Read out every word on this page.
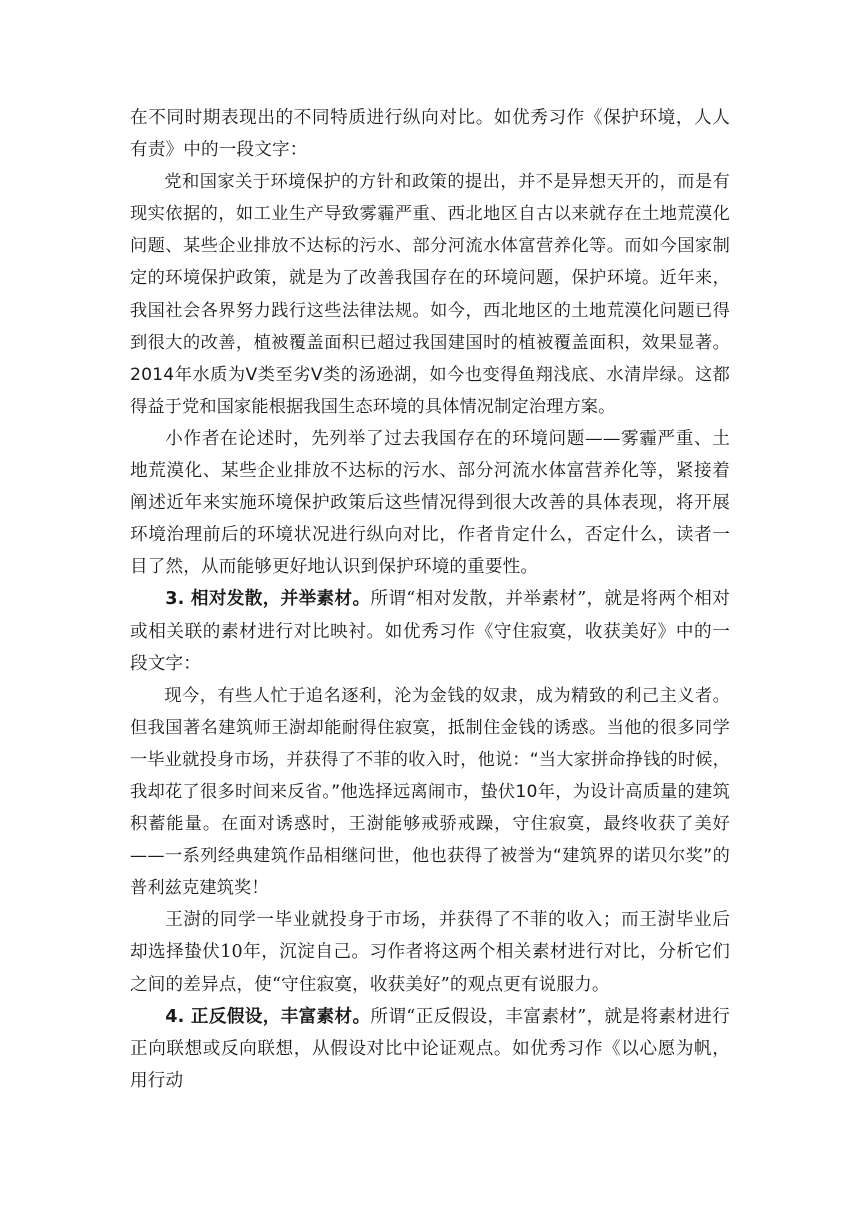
在不同时期表现出的不同特质进行纵向对比。如优秀习作《保护环境，人人有责》中的一段文字：

党和国家关于环境保护的方针和政策的提出，并不是异想天开的，而是有现实依据的，如工业生产导致雾霾严重、西北地区自古以来就存在土地荒漠化问题、某些企业排放不达标的污水、部分河流水体富营养化等。而如今国家制定的环境保护政策，就是为了改善我国存在的环境问题，保护环境。近年来，我国社会各界努力践行这些法律法规。如今，西北地区的土地荒漠化问题已得到很大的改善，植被覆盖面积已超过我国建国时的植被覆盖面积，效果显著。2014年水质为Ⅴ类至劣Ⅴ类的汤逊湖，如今也变得鱼翔浅底、水清岸绿。这都得益于党和国家能根据我国生态环境的具体情况制定治理方案。

小作者在论述时，先列举了过去我国存在的环境问题——雾霾严重、土地荒漠化、某些企业排放不达标的污水、部分河流水体富营养化等，紧接着阐述近年来实施环境保护政策后这些情况得到很大改善的具体表现，将开展环境治理前后的环境状况进行纵向对比，作者肯定什么，否定什么，读者一目了然，从而能够更好地认识到保护环境的重要性。

3. 相对发散，并举素材。所谓“相对发散，并举素材”，就是将两个相对或相关联的素材进行对比映衬。如优秀习作《守住寂寞，收获美好》中的一段文字：

现今，有些人忙于追名逐利，沦为金钱的奴隶，成为精致的利己主义者。但我国著名建筑师王澍却能耐得住寂寞，抵制住金钱的诱惑。当他的很多同学一毕业就投身市场，并获得了不菲的收入时，他说：“当大家拼命挣钱的时候，我却花了很多时间来反省。”他选择远离闹市，蛰伏10年，为设计高质量的建筑积蓄能量。在面对诱惑时，王澍能够戒骄戒躁，守住寂寞，最终收获了美好——一系列经典建筑作品相继问世，他也获得了被誉为“建筑界的诺贝尔奖”的普利兹克建筑奖！

王澍的同学一毕业就投身于市场，并获得了不菲的收入；而王澍毕业后却选择蛰伏10年，沉淀自己。习作者将这两个相关素材进行对比，分析它们之间的差异点，使“守住寂寞，收获美好”的观点更有说服力。

4. 正反假设，丰富素材。所谓“正反假设，丰富素材”，就是将素材进行正向联想或反向联想，从假设对比中论证观点。如优秀习作《以心愿为帆，用行动
